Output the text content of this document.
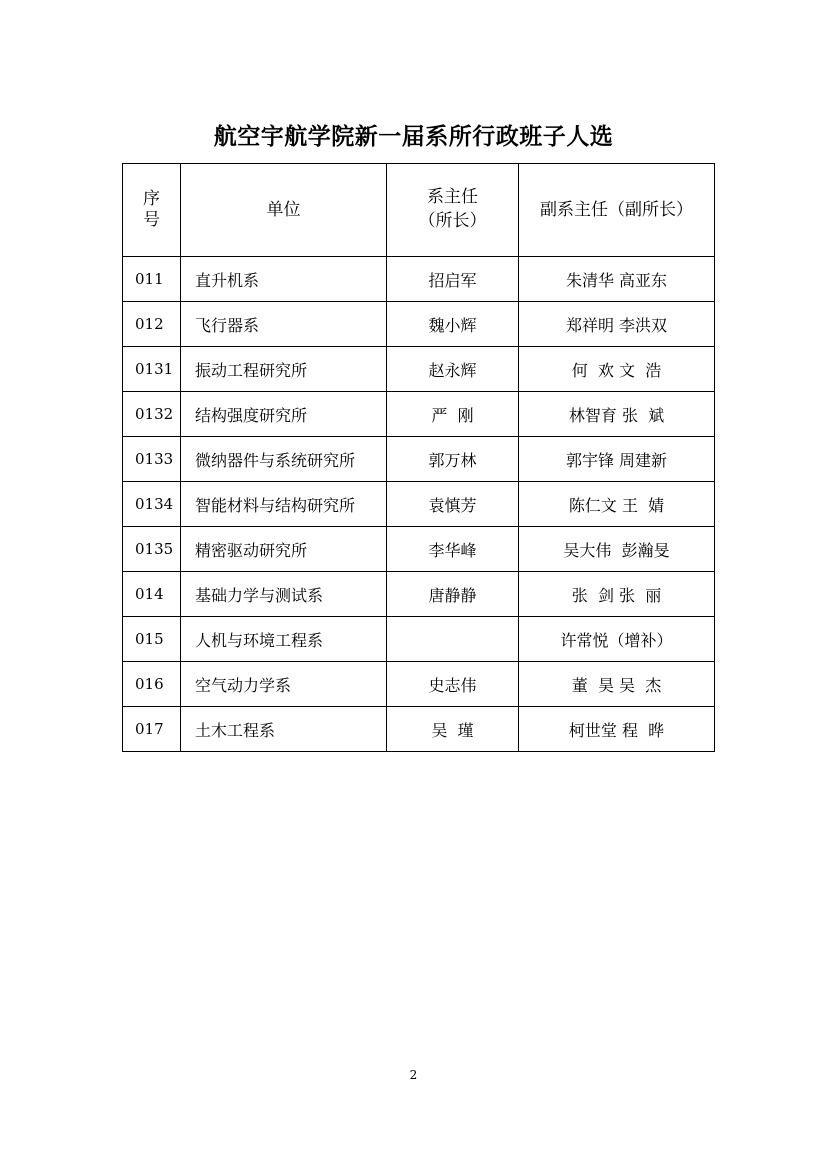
航空宇航学院新一届系所行政班子人选
序
号
	单位	
系主任
（所长）
	副系主任（副所长）
011	直升机系	招启军	朱清华 高亚东
012	飞行器系	魏小辉	郑祥明 李洪双
0131	振动工程研究所	赵永辉	何  欢 文  浩
0132	结构强度研究所	严  刚	林智育 张  斌
0133	微纳器件与系统研究所	郭万林	郭宇锋 周建新
0134	智能材料与结构研究所	袁慎芳	陈仁文 王  婧
0135	精密驱动研究所	李华峰	吴大伟  彭瀚旻
014	基础力学与测试系	唐静静	张  剑 张  丽
015	人机与环境工程系		许常悦（增补）
016	空气动力学系	史志伟	董  昊 吴  杰
017	土木工程系	吴  瑾	柯世堂 程  晔
2
